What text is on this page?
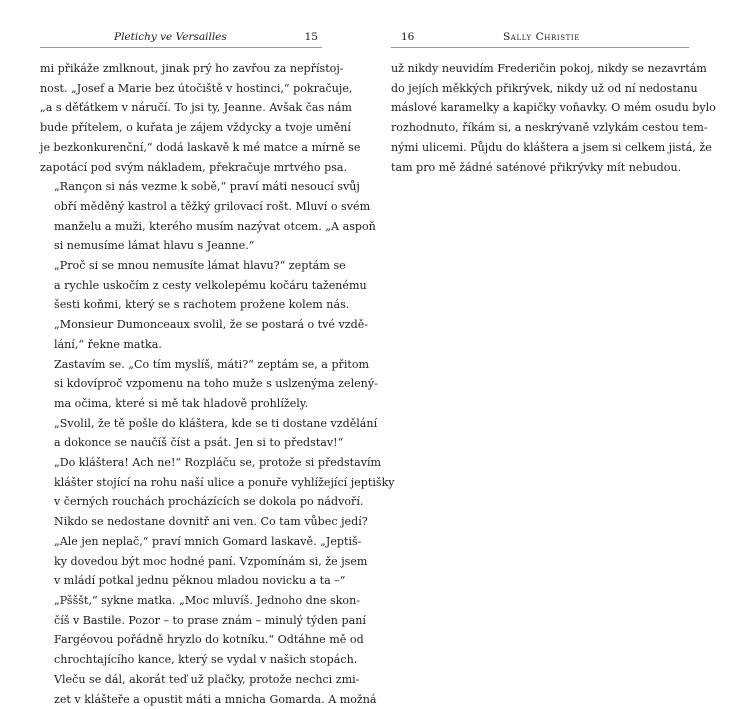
Pletichy ve Versailles	15

mi přikáže zmlknout, jinak prý ho zavřou za nepřístoj-
nost. „Josef a Marie bez útočiště v hostinci,“ pokračuje,
„a s děťátkem v náručí. To jsi ty, Jeanne. Avšak čas nám
bude přítelem, o kuřata je zájem vždycky a tvoje umění
je bezkonkurenční,“ dodá laskavě k mé matce a mírně se
zapotácí pod svým nákladem, překračuje mrtvého psa.

„Rançon si nás vezme k sobě,“ praví máti nesoucí svůj
obří měděný kastrol a těžký grilovací rošt. Mluví o svém
manželu a muži, kterého musím nazývat otcem. „A aspoň
si nemusíme lámat hlavu s Jeanne.“

„Proč si se mnou nemusíte lámat hlavu?“ zeptám se
a rychle uskočím z cesty velkolepému kočáru taženému
šesti koňmi, který se s rachotem prožene kolem nás.

„Monsieur Dumonceaux svolil, že se postará o tvé vzdě-
lání,“ řekne matka.

Zastavím se. „Co tím myslíš, máti?“ zeptám se, a přitom
si kdovíproč vzpomenu na toho muže s uslzenýma zelený-
ma očima, které si mě tak hladově prohlížely.

„Svolil, že tě pošle do kláštera, kde se ti dostane vzdělání
a dokonce se naučíš číst a psát. Jen si to představ!“

„Do kláštera! Ach ne!“ Rozpláču se, protože si představím
klášter stojící na rohu naší ulice a ponuře vyhlížející jeptišky
v černých rouchách procházících se dokola po nádvoří.
Nikdo se nedostane dovnitř ani ven. Co tam vůbec jedí?

„Ale jen neplač,“ praví mnich Gomard laskavě. „Jeptiš-
ky dovedou být moc hodné paní. Vzpomínám si, že jsem
v mládí potkal jednu pěknou mladou novicku a ta –“

„Pšššt,“ sykne matka. „Moc mluvíš. Jednoho dne skon-
číš v Bastile. Pozor – to prase znám – minulý týden paní
Fargéovou pořádně hryzlo do kotníku.“ Odtáhne mě od
chrochtajícího kance, který se vydal v našich stopách.

Vleču se dál, akorát teď už plačky, protože nechci zmi-
zet v klášteře a opustit máti a mnicha Gomarda. A možná

16	Sally Christie

už nikdy neuvidím Frederičin pokoj, nikdy se nezavrtám
do jejích měkkých přikrývek, nikdy už od ní nedostanu
máslové karamelky a kapičky voňavky. O mém osudu bylo
rozhodnuto, říkám si, a neskrývaně vzlykám cestou tem-
nými ulicemi. Půjdu do kláštera a jsem si celkem jistá, že
tam pro mě žádné saténové přikrývky mít nebudou.
